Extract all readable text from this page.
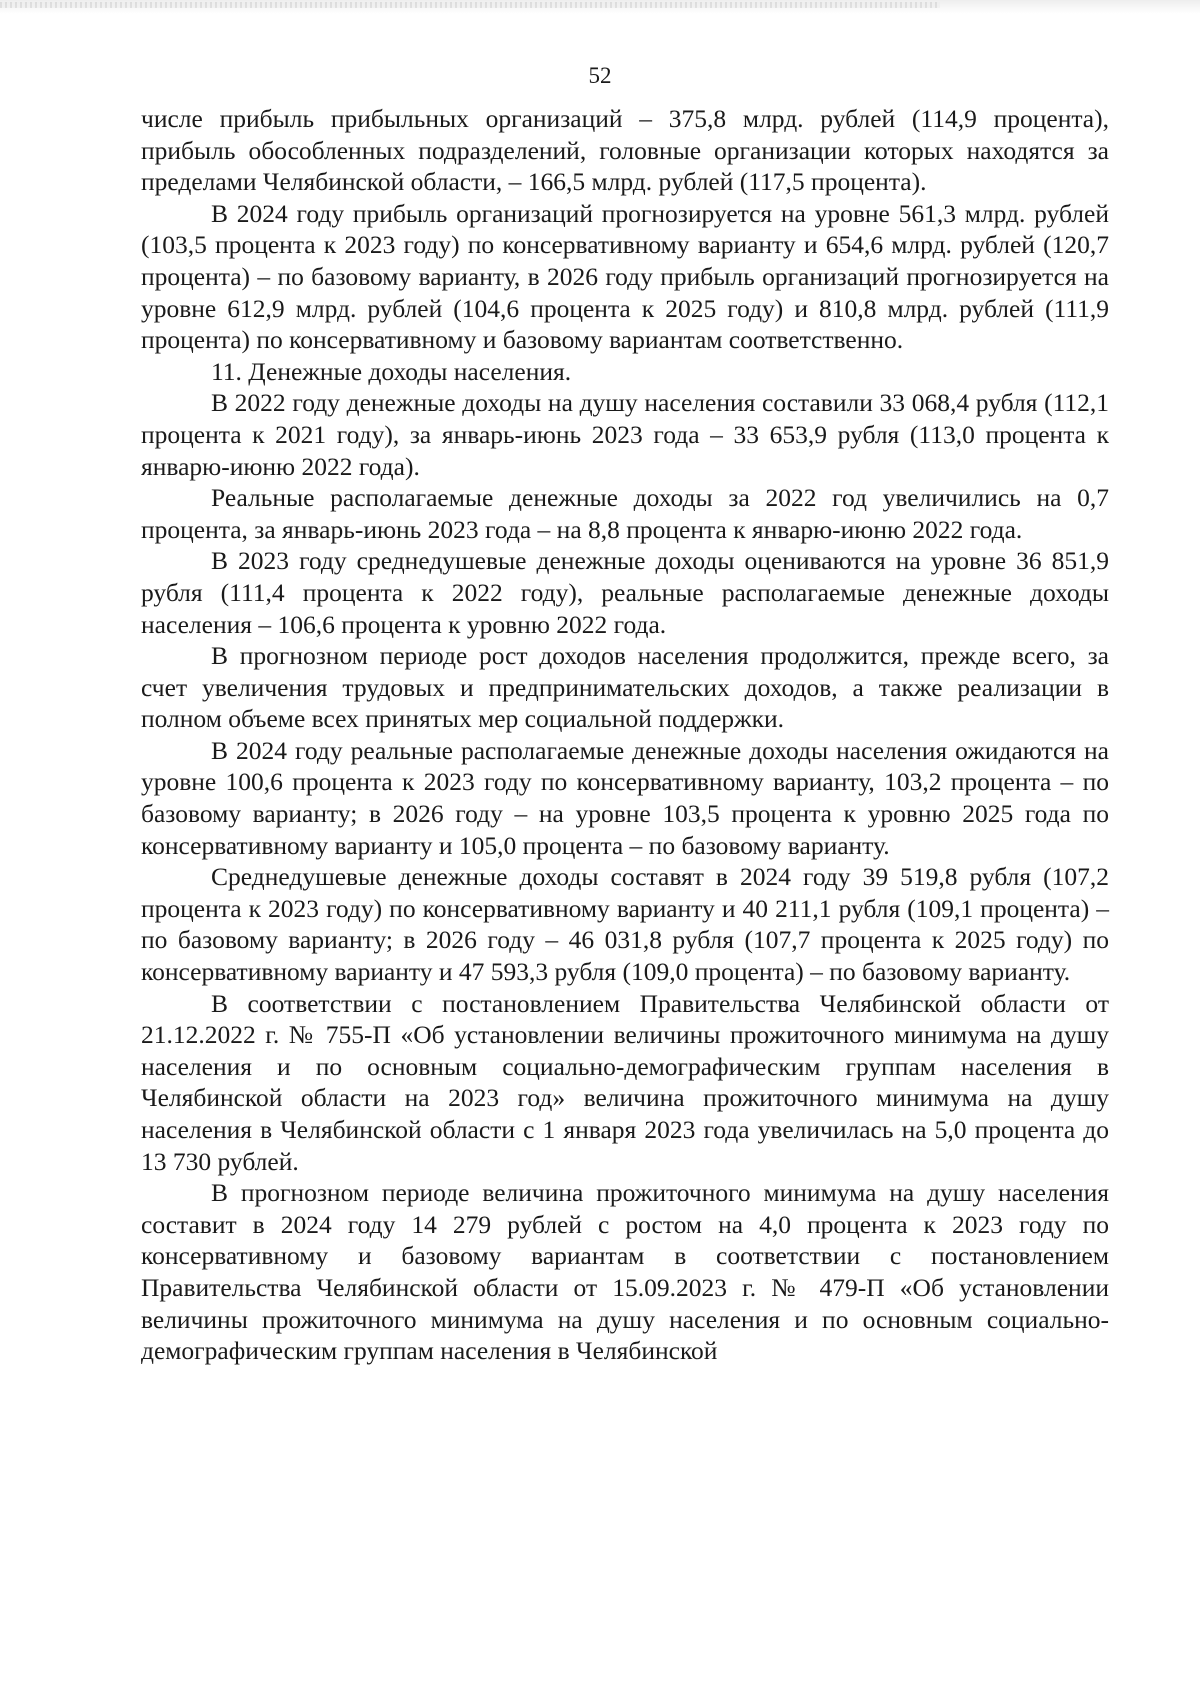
52

числе прибыль прибыльных организаций – 375,8 млрд. рублей (114,9 процента), прибыль обособленных подразделений, головные организации которых находятся за пределами Челябинской области, – 166,5 млрд. рублей (117,5 процента).

В 2024 году прибыль организаций прогнозируется на уровне 561,3 млрд. рублей (103,5 процента к 2023 году) по консервативному варианту и 654,6 млрд. рублей (120,7 процента) – по базовому варианту, в 2026 году прибыль организаций прогнозируется на уровне 612,9 млрд. рублей (104,6 процента к 2025 году) и 810,8 млрд. рублей (111,9 процента) по консервативному и базовому вариантам соответственно.

11. Денежные доходы населения.

В 2022 году денежные доходы на душу населения составили 33 068,4 рубля (112,1 процента к 2021 году), за январь-июнь 2023 года – 33 653,9 рубля (113,0 процента к январю-июню 2022 года).

Реальные располагаемые денежные доходы за 2022 год увеличились на 0,7 процента, за январь-июнь 2023 года – на 8,8 процента к январю-июню 2022 года.

В 2023 году среднедушевые денежные доходы оцениваются на уровне 36 851,9 рубля (111,4 процента к 2022 году), реальные располагаемые денежные доходы населения – 106,6 процента к уровню 2022 года.

В прогнозном периоде рост доходов населения продолжится, прежде всего, за счет увеличения трудовых и предпринимательских доходов, а также реализации в полном объеме всех принятых мер социальной поддержки.

В 2024 году реальные располагаемые денежные доходы населения ожидаются на уровне 100,6 процента к 2023 году по консервативному варианту, 103,2 процента – по базовому варианту; в 2026 году – на уровне 103,5 процента к уровню 2025 года по консервативному варианту и 105,0 процента – по базовому варианту.

Среднедушевые денежные доходы составят в 2024 году 39 519,8 рубля (107,2 процента к 2023 году) по консервативному варианту и 40 211,1 рубля (109,1 процента) – по базовому варианту; в 2026 году – 46 031,8 рубля (107,7 процента к 2025 году) по консервативному варианту и 47 593,3 рубля (109,0 процента) – по базовому варианту.

В соответствии с постановлением Правительства Челябинской области от 21.12.2022 г. № 755-П «Об установлении величины прожиточного минимума на душу населения и по основным социально-демографическим группам населения в Челябинской области на 2023 год» величина прожиточного минимума на душу населения в Челябинской области с 1 января 2023 года увеличилась на 5,0 процента до 13 730 рублей.

В прогнозном периоде величина прожиточного минимума на душу населения составит в 2024 году 14 279 рублей с ростом на 4,0 процента к 2023 году по консервативному и базовому вариантам в соответствии с постановлением Правительства Челябинской области от 15.09.2023 г. № 479-П «Об установлении величины прожиточного минимума на душу населения и по основным социально-демографическим группам населения в Челябинской
